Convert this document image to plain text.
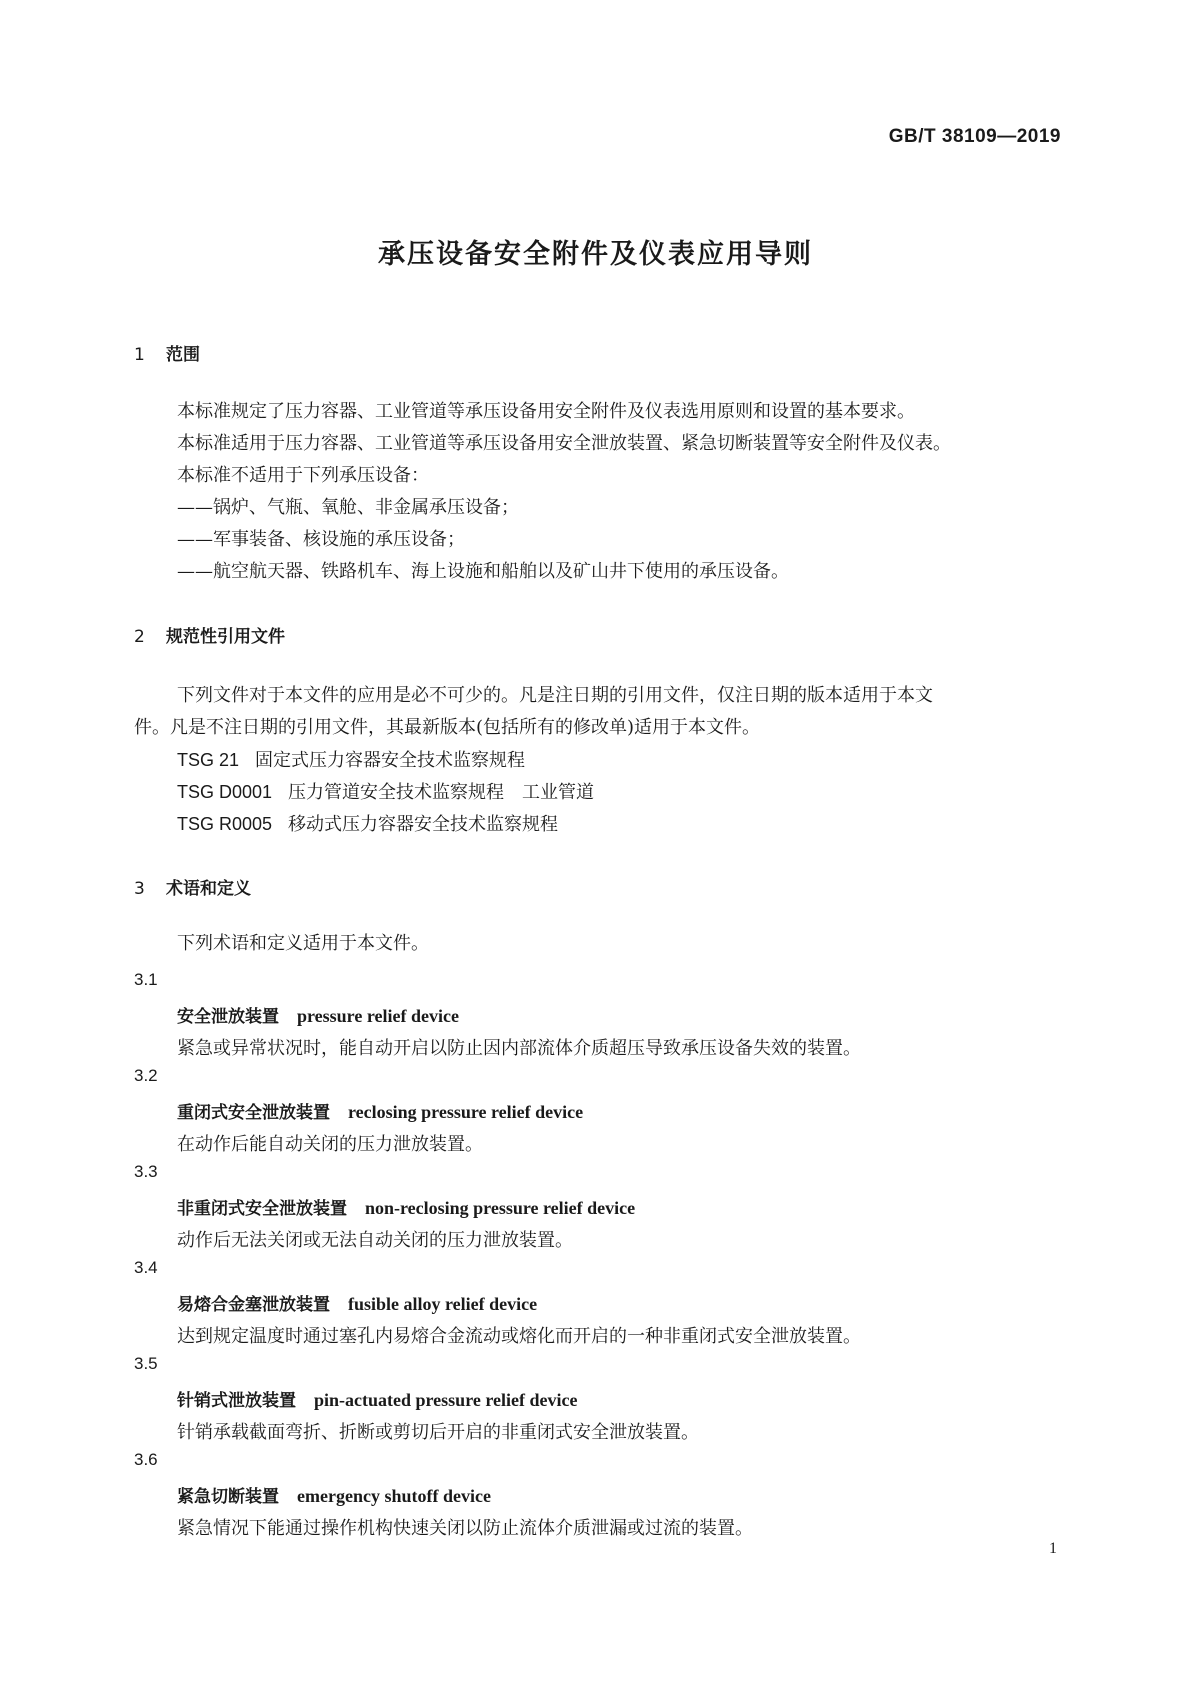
GB/T 38109—2019
承压设备安全附件及仪表应用导则
1 范围
本标准规定了压力容器、工业管道等承压设备用安全附件及仪表选用原则和设置的基本要求。
本标准适用于压力容器、工业管道等承压设备用安全泄放装置、紧急切断装置等安全附件及仪表。
本标准不适用于下列承压设备：
——锅炉、气瓶、氧舱、非金属承压设备；
——军事装备、核设施的承压设备；
——航空航天器、铁路机车、海上设施和船舶以及矿山井下使用的承压设备。
2 规范性引用文件
下列文件对于本文件的应用是必不可少的。凡是注日期的引用文件，仅注日期的版本适用于本文
件。凡是不注日期的引用文件，其最新版本(包括所有的修改单)适用于本文件。
TSG 21 固定式压力容器安全技术监察规程
TSG D0001 压力管道安全技术监察规程　工业管道
TSG R0005 移动式压力容器安全技术监察规程
3 术语和定义
下列术语和定义适用于本文件。
3.1
安全泄放装置 pressure relief device
紧急或异常状况时，能自动开启以防止因内部流体介质超压导致承压设备失效的装置。
3.2
重闭式安全泄放装置 reclosing pressure relief device
在动作后能自动关闭的压力泄放装置。
3.3
非重闭式安全泄放装置 non-reclosing pressure relief device
动作后无法关闭或无法自动关闭的压力泄放装置。
3.4
易熔合金塞泄放装置 fusible alloy relief device
达到规定温度时通过塞孔内易熔合金流动或熔化而开启的一种非重闭式安全泄放装置。
3.5
针销式泄放装置 pin-actuated pressure relief device
针销承载截面弯折、折断或剪切后开启的非重闭式安全泄放装置。
3.6
紧急切断装置 emergency shutoff device
紧急情况下能通过操作机构快速关闭以防止流体介质泄漏或过流的装置。
1
